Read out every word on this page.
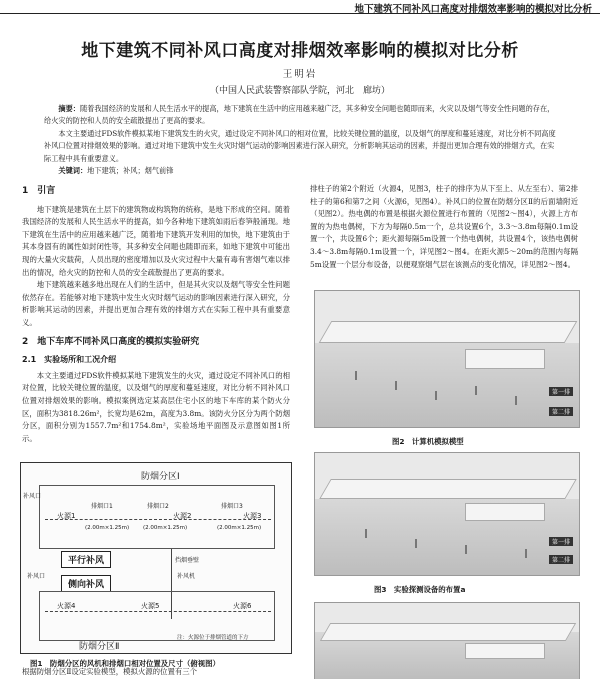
地下建筑不同补风口高度对排烟效率影响的模拟对比分析
地下建筑不同补风口高度对排烟效率影响的模拟对比分析
王明岩
（中国人民武装警察部队学院，河北　廊坊）

摘要：随着我国经济的发展和人民生活水平的提高，地下建筑在生活中的应用越来越广泛，其多种安全问题也随即而来，火灾以及烟气等安全性问题的存在，给火灾的防控和人员的安全疏散提出了更高的要求。

本文主要通过FDS软件模拟某地下建筑发生的火灾，通过设定不同补风口的相对位置，比较关键位置的温度，以及烟气的厚度和蔓延速度，对比分析不同高度补风口位置对排烟效果的影响。通过对地下建筑中发生火灾时烟气运动的影响因素进行深入研究，分析影响其运动的因素，并提出更加合理有效的排烟方式，在实际工程中具有重要意义。

关键词：地下建筑；补风；烟气前锋

1　引言

地下建筑是建筑在土层下的建筑物或构筑物的统称，是地下形成的空间。随着我国经济的发展和人民生活水平的提高，如今各种地下建筑如雨后春笋般涌现。地下建筑在生活中的应用越来越广泛，随着地下建筑开发利用的加快，地下建筑由于其本身固有的属性如封闭性等，其多种安全问题也随即而来，如地下建筑中可能出现的大量火灾载荷，人员出现的密度增加以及火灾过程中大量有毒有害烟气难以排出的情况，给火灾的防控和人员的安全疏散提出了更高的要求。

地下建筑越来越多地出现在人们的生活中，但是其火灾以及烟气等安全性问题依然存在。若能够对地下建筑中发生火灾时烟气运动的影响因素进行深入研究，分析影响其运动的因素，并提出更加合理有效的排烟方式在实际工程中具有重要意义。

2　地下车库不同补风口高度的模拟实验研究
2.1　实验场所和工况介绍

本文主要通过FDS软件模拟某地下建筑发生的火灾，通过设定不同补风口的相对位置，比较关键位置的温度，以及烟气的厚度和蔓延速度，对比分析不同补风口位置对排烟效果的影响。模拟案例选定某高层住宅小区的地下车库的某个防火分区，面积为3818.26m²，长宽均是62m，高度为3.8m。该防火分区分为两个防烟分区，面积分别为1557.7m²和1754.8m²，实验场地平面图及示意图如图1所示。

排柱子的第2个附近（火源4，见图3，柱子的排序为从下至上、从左至右）、第2排柱子的第6和第7之间（火源6，见图4）。补风口的位置在防烟分区Ⅱ的后面墙附近（见图2）。热电偶的布置是根据火源位置进行布置的（见图2～图4），火源上方布置的为热电偶树，下方为每隔0.5m一个，总共设置6个，3.3～3.8m每隔0.1m设置一个，共设置6个；距火源每隔5m设置一个热电偶树，共设置4个，该热电偶树3.4～3.8m每隔0.1m设置一个，详见图2～图4。在距火源5～20m的范围内每隔5m设置一个层分布设备，以便观察烟气层在该测点的变化情况，详见图2～图4。

防烟分区Ⅰ
补风口
火源1
排烟口1
(2.00m×1.25m)
排烟口2
火源2
(2.00m×1.25m)
排烟口3
火源3
(2.00m×1.25m)
挡烟垂壁
平行补风
侧向补风
补风口	补风机
火源4	火源5	火源6
防烟分区Ⅱ
注：火源位于排烟管道的下方
图1　防烟分区的风机和排烟口相对位置及尺寸（俯视图）
第一排
第二排
图2　计算机模拟模型
第一排
第二排
图3　实验探测设备的布置a
根据防烟分区Ⅱ设定实验模型，模拟火源的位置有三个
